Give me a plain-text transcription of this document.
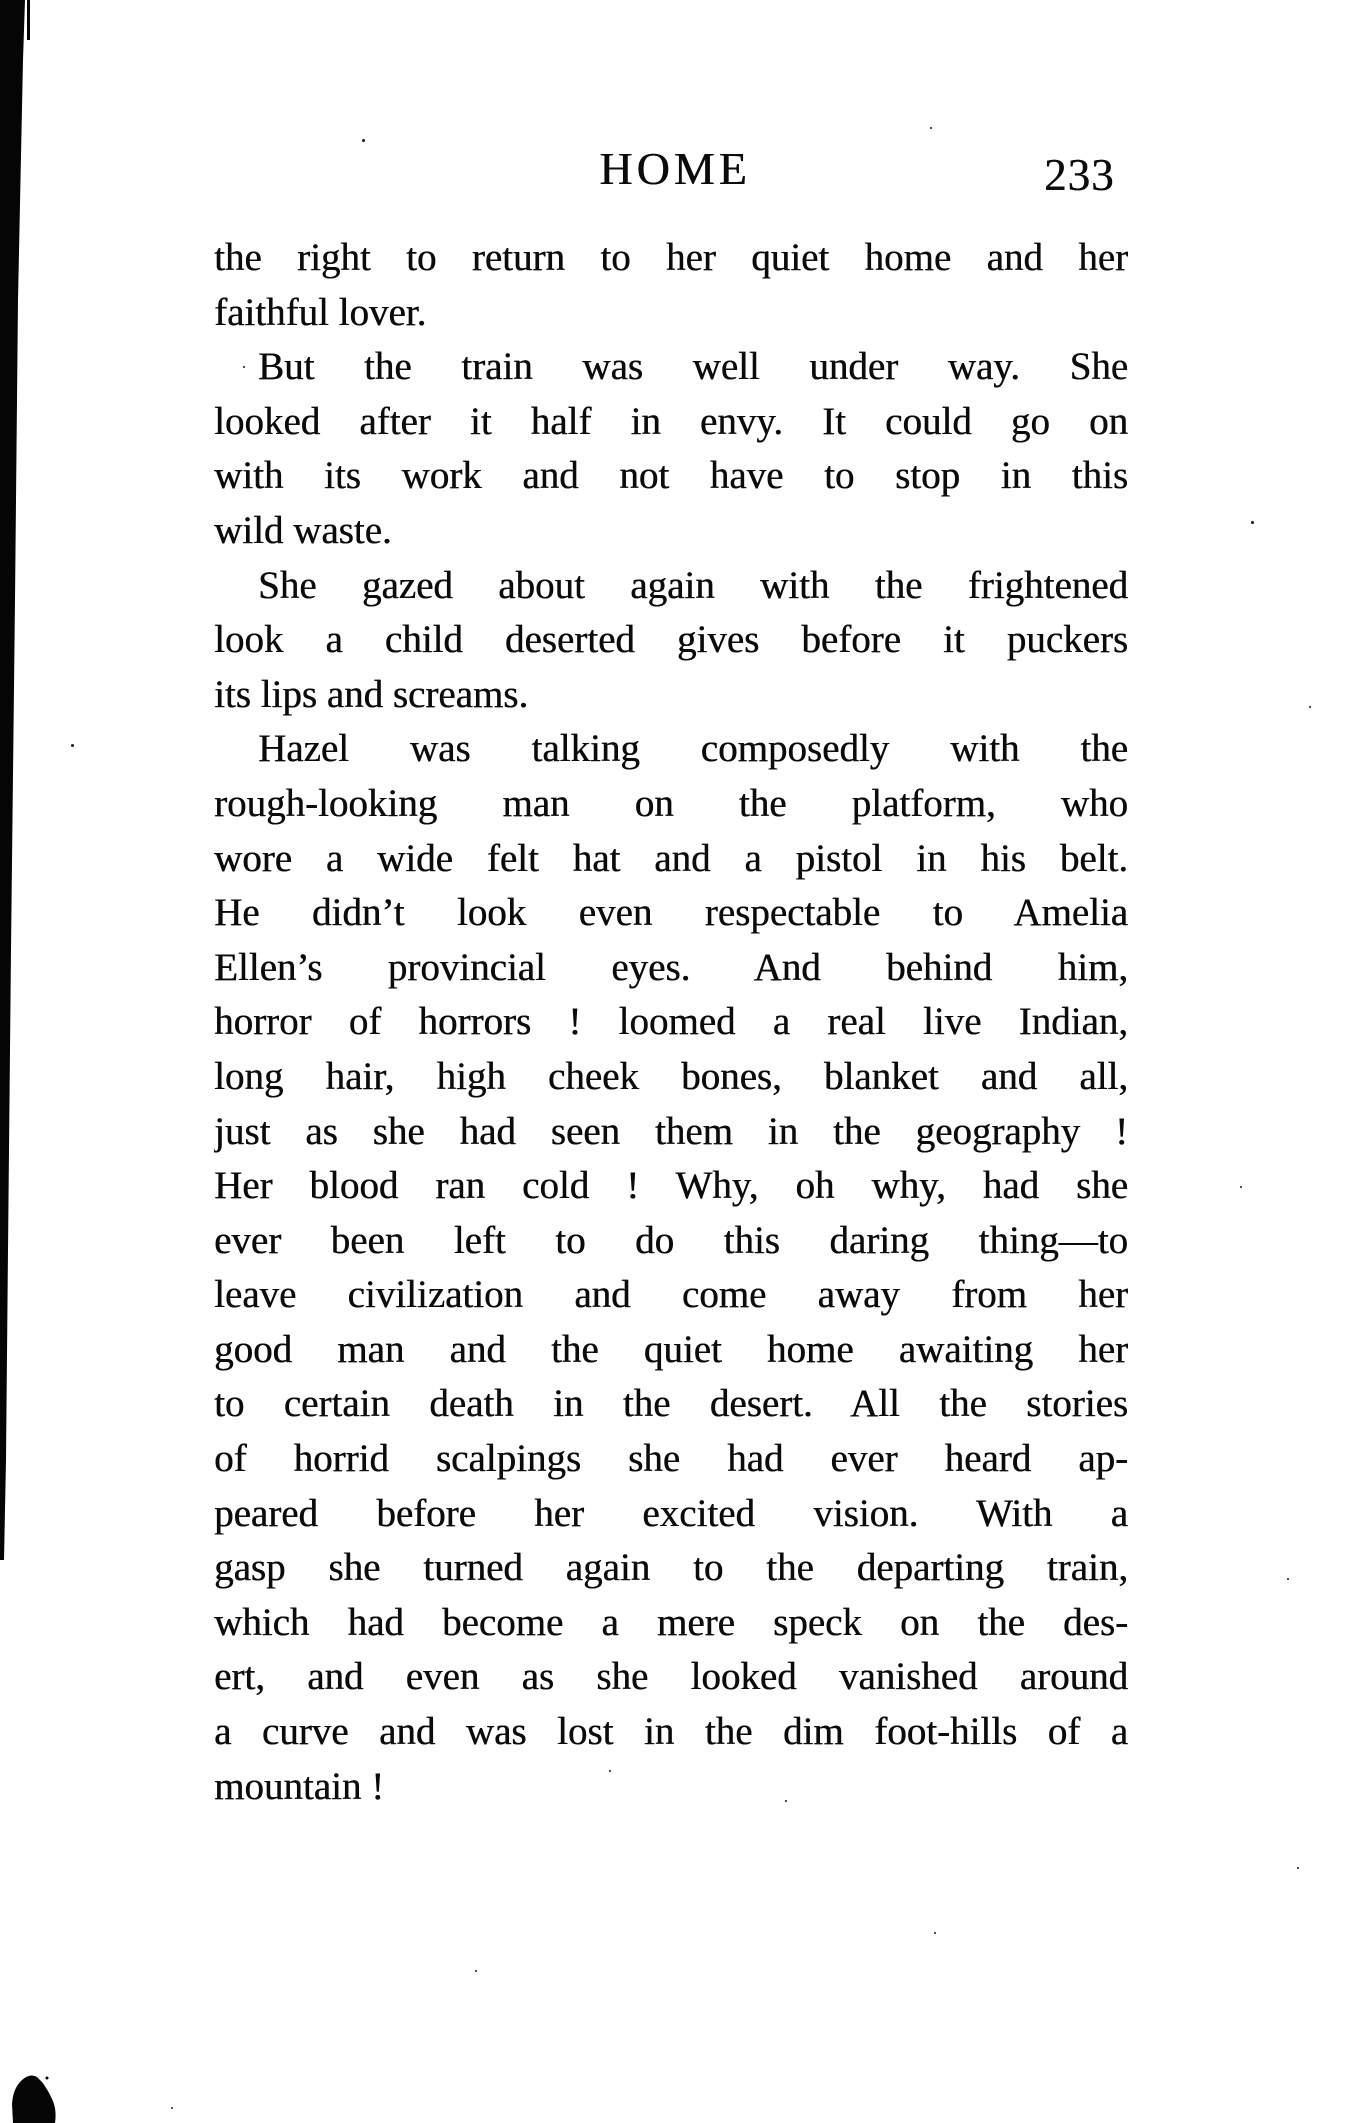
HOME	233
the right to return to her quiet home and her
faithful lover.
But the train was well under way. She
looked after it half in envy. It could go on
with its work and not have to stop in this
wild waste.
She gazed about again with the frightened
look a child deserted gives before it puckers
its lips and screams.
Hazel was talking composedly with the
rough-looking man on the platform, who
wore a wide felt hat and a pistol in his belt.
He didn’t look even respectable to Amelia
Ellen’s provincial eyes. And behind him,
horror of horrors ! loomed a real live Indian,
long hair, high cheek bones, blanket and all,
just as she had seen them in the geography !
Her blood ran cold ! Why, oh why, had she
ever been left to do this daring thing—to
leave civilization and come away from her
good man and the quiet home awaiting her
to certain death in the desert. All the stories
of horrid scalpings she had ever heard ap-
peared before her excited vision. With a
gasp she turned again to the departing train,
which had become a mere speck on the des-
ert, and even as she looked vanished around
a curve and was lost in the dim foot-hills of a
mountain !
